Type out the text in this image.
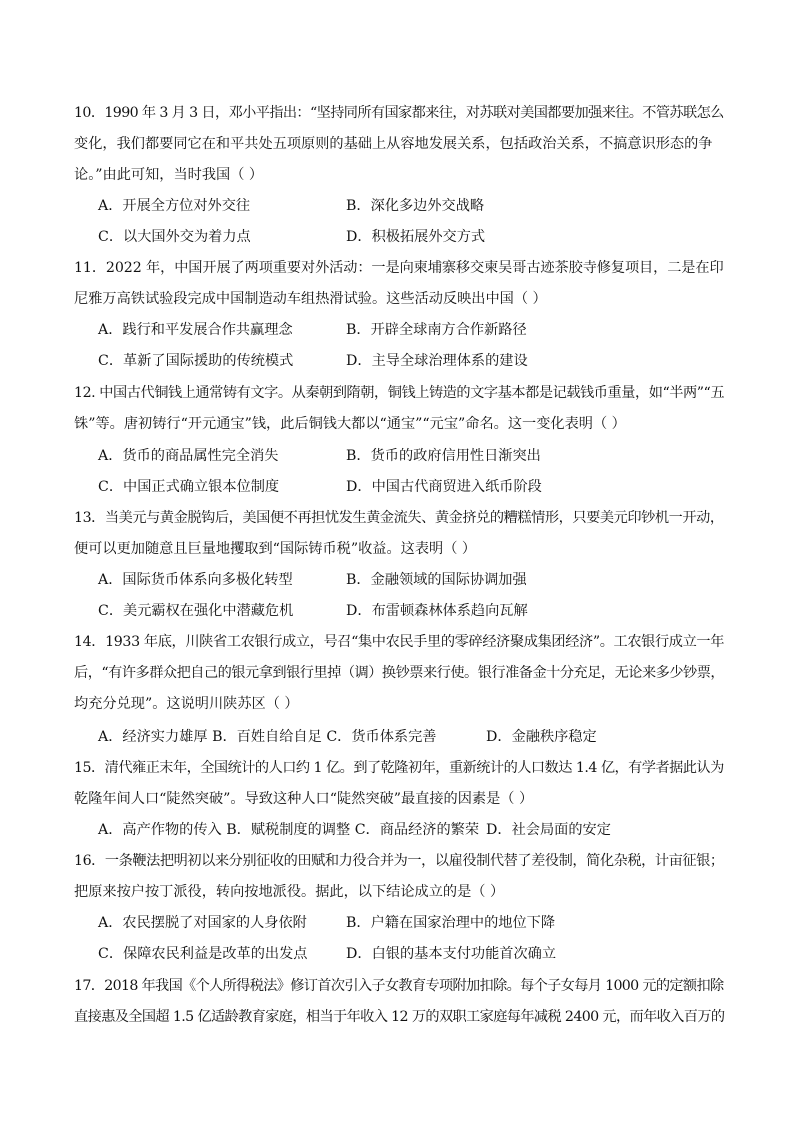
10．1990 年 3 月 3 日，邓小平指出：“坚持同所有国家都来往，对苏联对美国都要加强来往。不管苏联怎么
变化，我们都要同它在和平共处五项原则的基础上从容地发展关系，包括政治关系，不搞意识形态的争
论。”由此可知，当时我国（ ）
A．开展全方位对外交往	B．深化多边外交战略
C．以大国外交为着力点	D．积极拓展外交方式
11．2022 年，中国开展了两项重要对外活动：一是向柬埔寨移交柬吴哥古迹茶胶寺修复项目，二是在印
尼雅万高铁试验段完成中国制造动车组热滑试验。这些活动反映出中国（ ）
A．践行和平发展合作共赢理念	B．开辟全球南方合作新路径
C．革新了国际援助的传统模式	D．主导全球治理体系的建设
12. 中国古代铜钱上通常铸有文字。从秦朝到隋朝，铜钱上铸造的文字基本都是记载钱币重量，如“半两”“五
铢”等。唐初铸行“开元通宝”钱，此后铜钱大都以“通宝”“元宝”命名。这一变化表明（ ）
A．货币的商品属性完全消失	B．货币的政府信用性日渐突出
C．中国正式确立银本位制度	D．中国古代商贸进入纸币阶段
13．当美元与黄金脱钩后，美国便不再担忧发生黄金流失、黄金挤兑的糟糕情形，只要美元印钞机一开动，
便可以更加随意且巨量地攫取到“国际铸币税”收益。这表明（ ）
A．国际货币体系向多极化转型	B．金融领域的国际协调加强
C．美元霸权在强化中潜藏危机	D．布雷顿森林体系趋向瓦解
14．1933 年底，川陕省工农银行成立，号召“集中农民手里的零碎经济聚成集团经济”。工农银行成立一年
后，“有许多群众把自己的银元拿到银行里掉（调）换钞票来行使。银行准备金十分充足，无论来多少钞票，
均充分兑现”。这说明川陕苏区（ ）
A．经济实力雄厚 B．百姓自给自足 C．货币体系完善	D．金融秩序稳定
15．清代雍正末年，全国统计的人口约 1 亿。到了乾隆初年，重新统计的人口数达 1.4 亿，有学者据此认为
乾隆年间人口“陡然突破”。导致这种人口“陡然突破”最直接的因素是（ ）
A．高产作物的传入 B．赋税制度的调整 C．商品经济的繁荣 D．社会局面的安定
16．一条鞭法把明初以来分别征收的田赋和力役合并为一，以雇役制代替了差役制，简化杂税，计亩征银；
把原来按户按丁派役，转向按地派役。据此，以下结论成立的是（ ）
A．农民摆脱了对国家的人身依附	B．户籍在国家治理中的地位下降
C．保障农民利益是改革的出发点	D．白银的基本支付功能首次确立
17．2018 年我国《个人所得税法》修订首次引入子女教育专项附加扣除。每个子女每月 1000 元的定额扣除
直接惠及全国超 1.5 亿适龄教育家庭，相当于年收入 12 万的双职工家庭每年减税 2400 元，而年收入百万的
